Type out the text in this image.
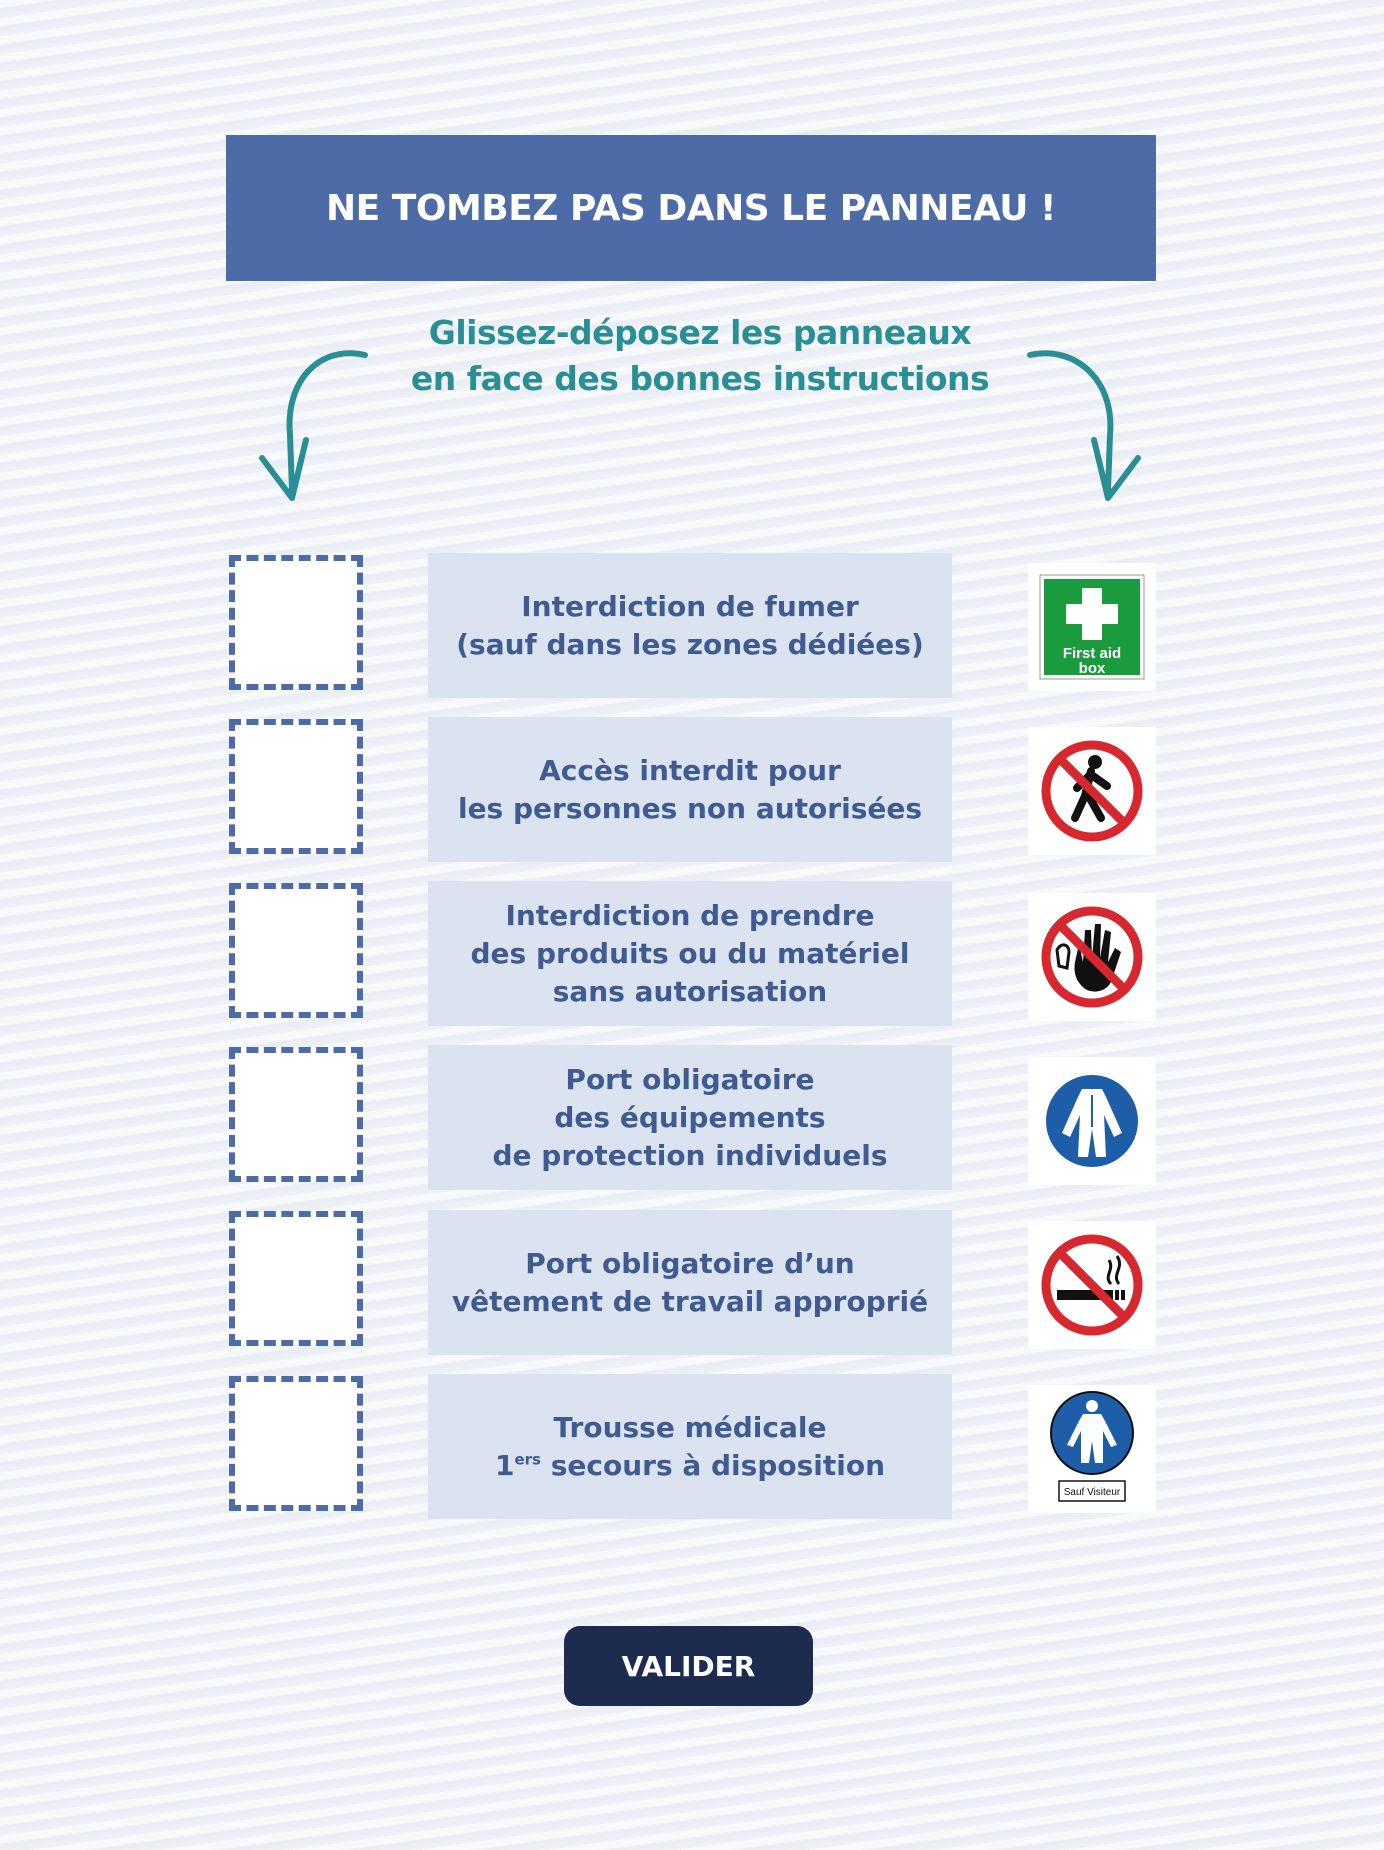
NE TOMBEZ PAS DANS LE PANNEAU !
Glissez-déposez les panneaux
en face des bonnes instructions
Interdiction de fumer
(sauf dans les zones dédiées)
Accès interdit pour
les personnes non autorisées
Interdiction de prendre
des produits ou du matériel
sans autorisation
Port obligatoire
des équipements
de protection individuels
Port obligatoire d’un
vêtement de travail approprié
Trousse médicale
1ers secours à disposition
First aid
box
Sauf Visiteur
VALIDER
